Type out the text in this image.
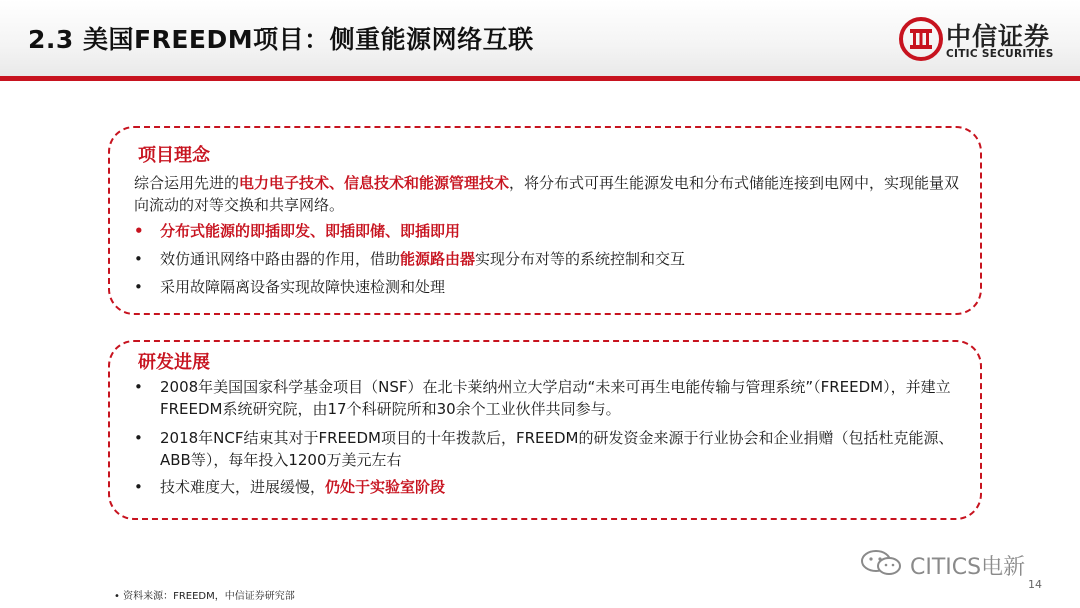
2.3 美国FREEDM项目：侧重能源网络互联	中信证券
CITIC SECURITIES
项目理念
综合运用先进的电力电子技术、信息技术和能源管理技术，将分布式可再生能源发电和分布式储能连接到电网中，实现能量双向流动的对等交换和共享网络。
•	分布式能源的即插即发、即插即储、即插即用
•	效仿通讯网络中路由器的作用，借助能源路由器实现分布对等的系统控制和交互
•	采用故障隔离设备实现故障快速检测和处理
研发进展
•	2008年美国国家科学基金项目（NSF）在北卡莱纳州立大学启动“未来可再生电能传输与管理系统”（FREEDM），并建立FREEDM系统研究院，由17个科研院所和30余个工业伙伴共同参与。
•	2018年NCF结束其对于FREEDM项目的十年拨款后，FREEDM的研发资金来源于行业协会和企业捐赠（包括杜克能源、ABB等），每年投入1200万美元左右
•	技术难度大，进展缓慢，仍处于实验室阶段
CITICS电新
14
• 资料来源：FREEDM，中信证券研究部
